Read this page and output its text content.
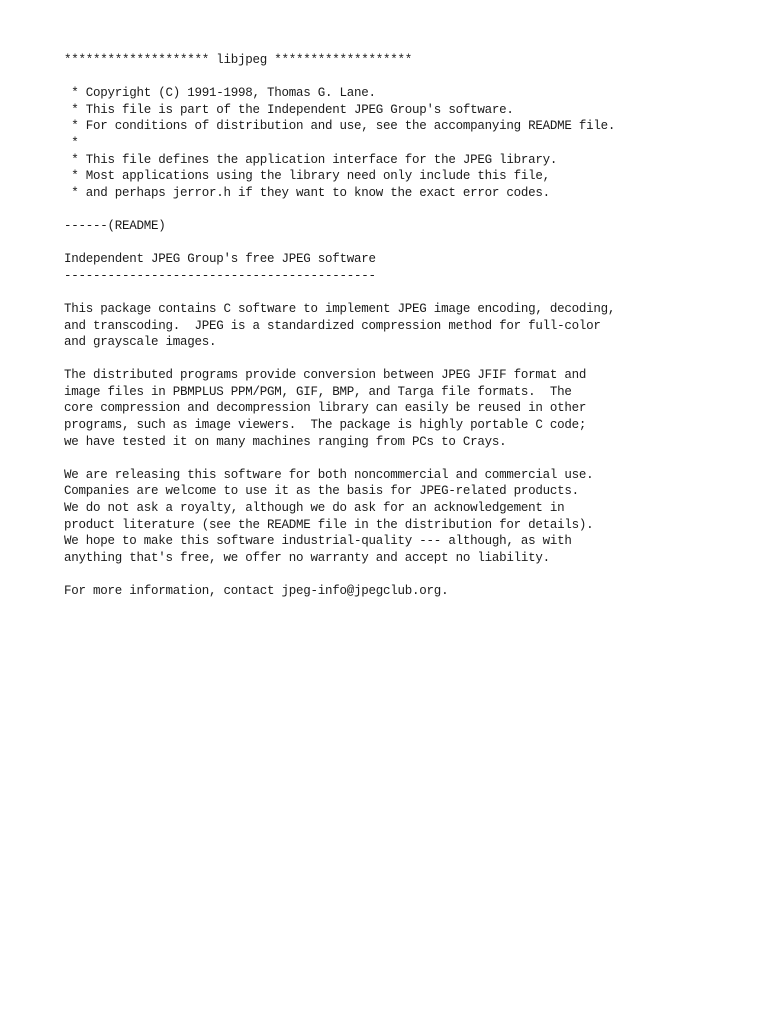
******************** libjpeg *******************
* Copyright (C) 1991-1998, Thomas G. Lane.
* This file is part of the Independent JPEG Group's software.
* For conditions of distribution and use, see the accompanying README file.
*
* This file defines the application interface for the JPEG library.
* Most applications using the library need only include this file,
* and perhaps jerror.h if they want to know the exact error codes.
------(README)
Independent JPEG Group's free JPEG software
-------------------------------------------
This package contains C software to implement JPEG image encoding, decoding,
and transcoding.  JPEG is a standardized compression method for full-color
and grayscale images.
The distributed programs provide conversion between JPEG JFIF format and
image files in PBMPLUS PPM/PGM, GIF, BMP, and Targa file formats.  The
core compression and decompression library can easily be reused in other
programs, such as image viewers.  The package is highly portable C code;
we have tested it on many machines ranging from PCs to Crays.
We are releasing this software for both noncommercial and commercial use.
Companies are welcome to use it as the basis for JPEG-related products.
We do not ask a royalty, although we do ask for an acknowledgement in
product literature (see the README file in the distribution for details).
We hope to make this software industrial-quality --- although, as with
anything that's free, we offer no warranty and accept no liability.
For more information, contact jpeg-info@jpegclub.org.
